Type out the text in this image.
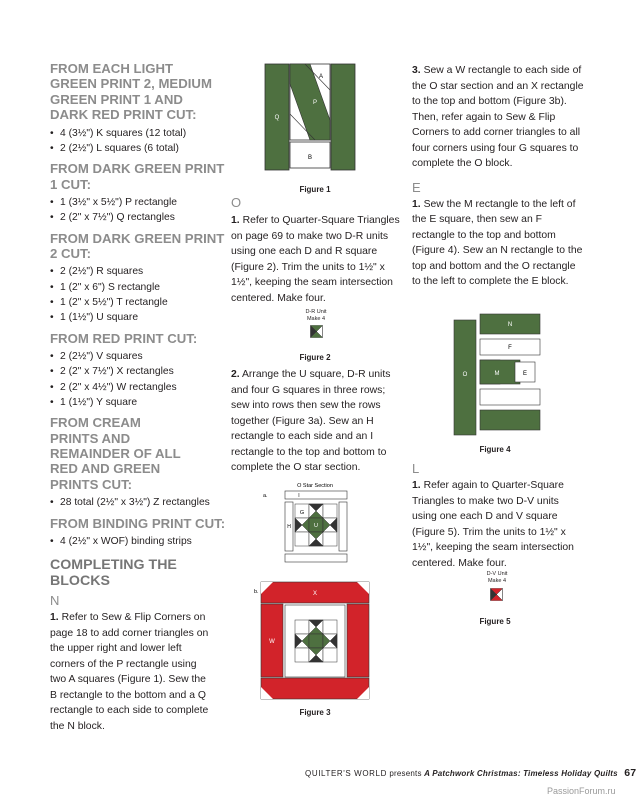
FROM EACH LIGHT GREEN PRINT 2, MEDIUM GREEN PRINT 1 AND DARK RED PRINT CUT:
• 4 (3½") K squares (12 total)
• 2 (2½") L squares (6 total)
FROM DARK GREEN PRINT 1 CUT:
• 1 (3½" x 5½") P rectangle
• 2 (2" x 7½") Q rectangles
FROM DARK GREEN PRINT 2 CUT:
• 2 (2½") R squares
• 1 (2" x 6") S rectangle
• 1 (2" x 5½") T rectangle
• 1 (1½") U square
FROM RED PRINT CUT:
• 2 (2½") V squares
• 2 (2" x 7½") X rectangles
• 2 (2" x 4½") W rectangles
• 1 (1½") Y square
FROM CREAM PRINTS AND REMAINDER OF ALL RED AND GREEN PRINTS CUT:
• 28 total (2½" x 3½") Z rectangles
FROM BINDING PRINT CUT:
• 4 (2½" x WOF) binding strips
COMPLETING THE BLOCKS
N

1. Refer to Sew & Flip Corners on page 18 to add corner triangles on the upper right and lower left corners of the P rectangle using two A squares (Figure 1). Sew the B rectangle to the bottom and a Q rectangle to each side to complete the N block.

A
P
Q
B
Figure 1
O

1. Refer to Quarter-Square Triangles on page 69 to make two D-R units using one each D and R square (Figure 2). Trim the units to 1½" x 1½", keeping the seam intersection centered. Make four.

D-R Unit
Make 4
Figure 2

2. Arrange the U square, D-R units and four G squares in three rows; sew into rows then sew the rows together (Figure 3a). Sew an H rectangle to each side and an I rectangle to the top and bottom to complete the O star section.

O Star Section
a.
G
I
H	U
b.	X
W
Figure 3

3. Sew a W rectangle to each side of the O star section and an X rectangle to the top and bottom (Figure 3b). Then, refer again to Sew & Flip Corners to add corner triangles to all four corners using four G squares to complete the O block.

E

1. Sew the M rectangle to the left of the E square, then sew an F rectangle to the top and bottom (Figure 4). Sew an N rectangle to the top and bottom and the O rectangle to the left to complete the E block.

O
N
F
M	E
Figure 4
L

1. Refer again to Quarter-Square Triangles to make two D-V units using one each D and V square (Figure 5). Trim the units to 1½" x 1½", keeping the seam intersection centered. Make four.

D-V Unit
Make 4
Figure 5
QUILTER'S WORLD presents A Patchwork Christmas: Timeless Holiday Quilts 67
PassionForum.ru
